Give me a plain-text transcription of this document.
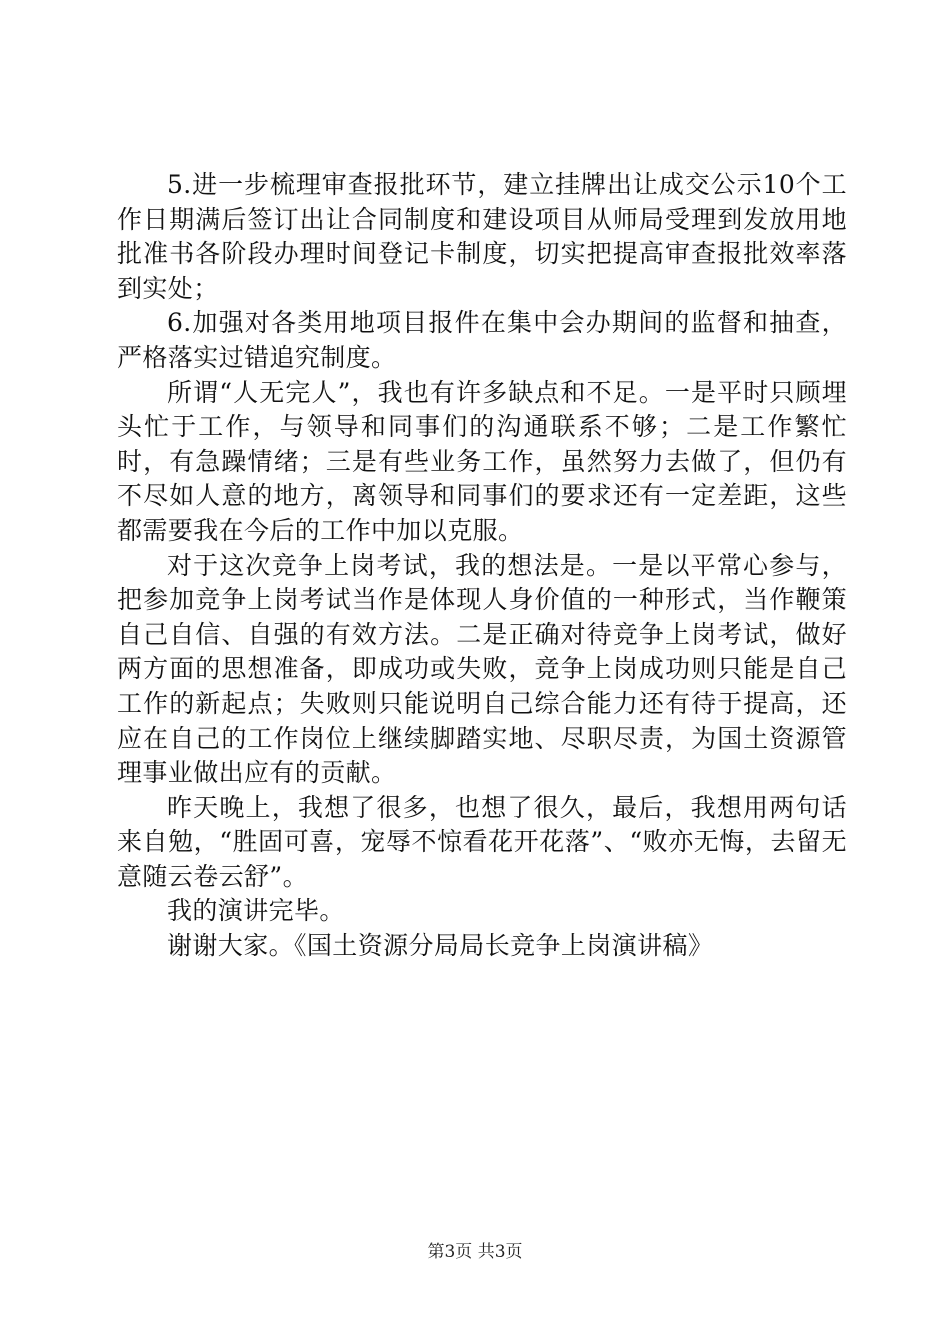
5.进一步梳理审查报批环节，建立挂牌出让成交公示10个工作日期满后签订出让合同制度和建设项目从师局受理到发放用地批准书各阶段办理时间登记卡制度，切实把提高审查报批效率落到实处；

6.加强对各类用地项目报件在集中会办期间的监督和抽查，严格落实过错追究制度。

所谓“人无完人”，我也有许多缺点和不足。一是平时只顾埋头忙于工作，与领导和同事们的沟通联系不够；二是工作繁忙时，有急躁情绪；三是有些业务工作，虽然努力去做了，但仍有不尽如人意的地方，离领导和同事们的要求还有一定差距，这些都需要我在今后的工作中加以克服。

对于这次竞争上岗考试，我的想法是。一是以平常心参与，把参加竞争上岗考试当作是体现人身价值的一种形式，当作鞭策自己自信、自强的有效方法。二是正确对待竞争上岗考试，做好两方面的思想准备，即成功或失败，竞争上岗成功则只能是自己工作的新起点；失败则只能说明自己综合能力还有待于提高，还应在自己的工作岗位上继续脚踏实地、尽职尽责，为国土资源管理事业做出应有的贡献。

昨天晚上，我想了很多，也想了很久，最后，我想用两句话来自勉，“胜固可喜，宠辱不惊看花开花落”、“败亦无悔，去留无意随云卷云舒”。

我的演讲完毕。

谢谢大家。《国土资源分局局长竞争上岗演讲稿》

第3页 共3页
